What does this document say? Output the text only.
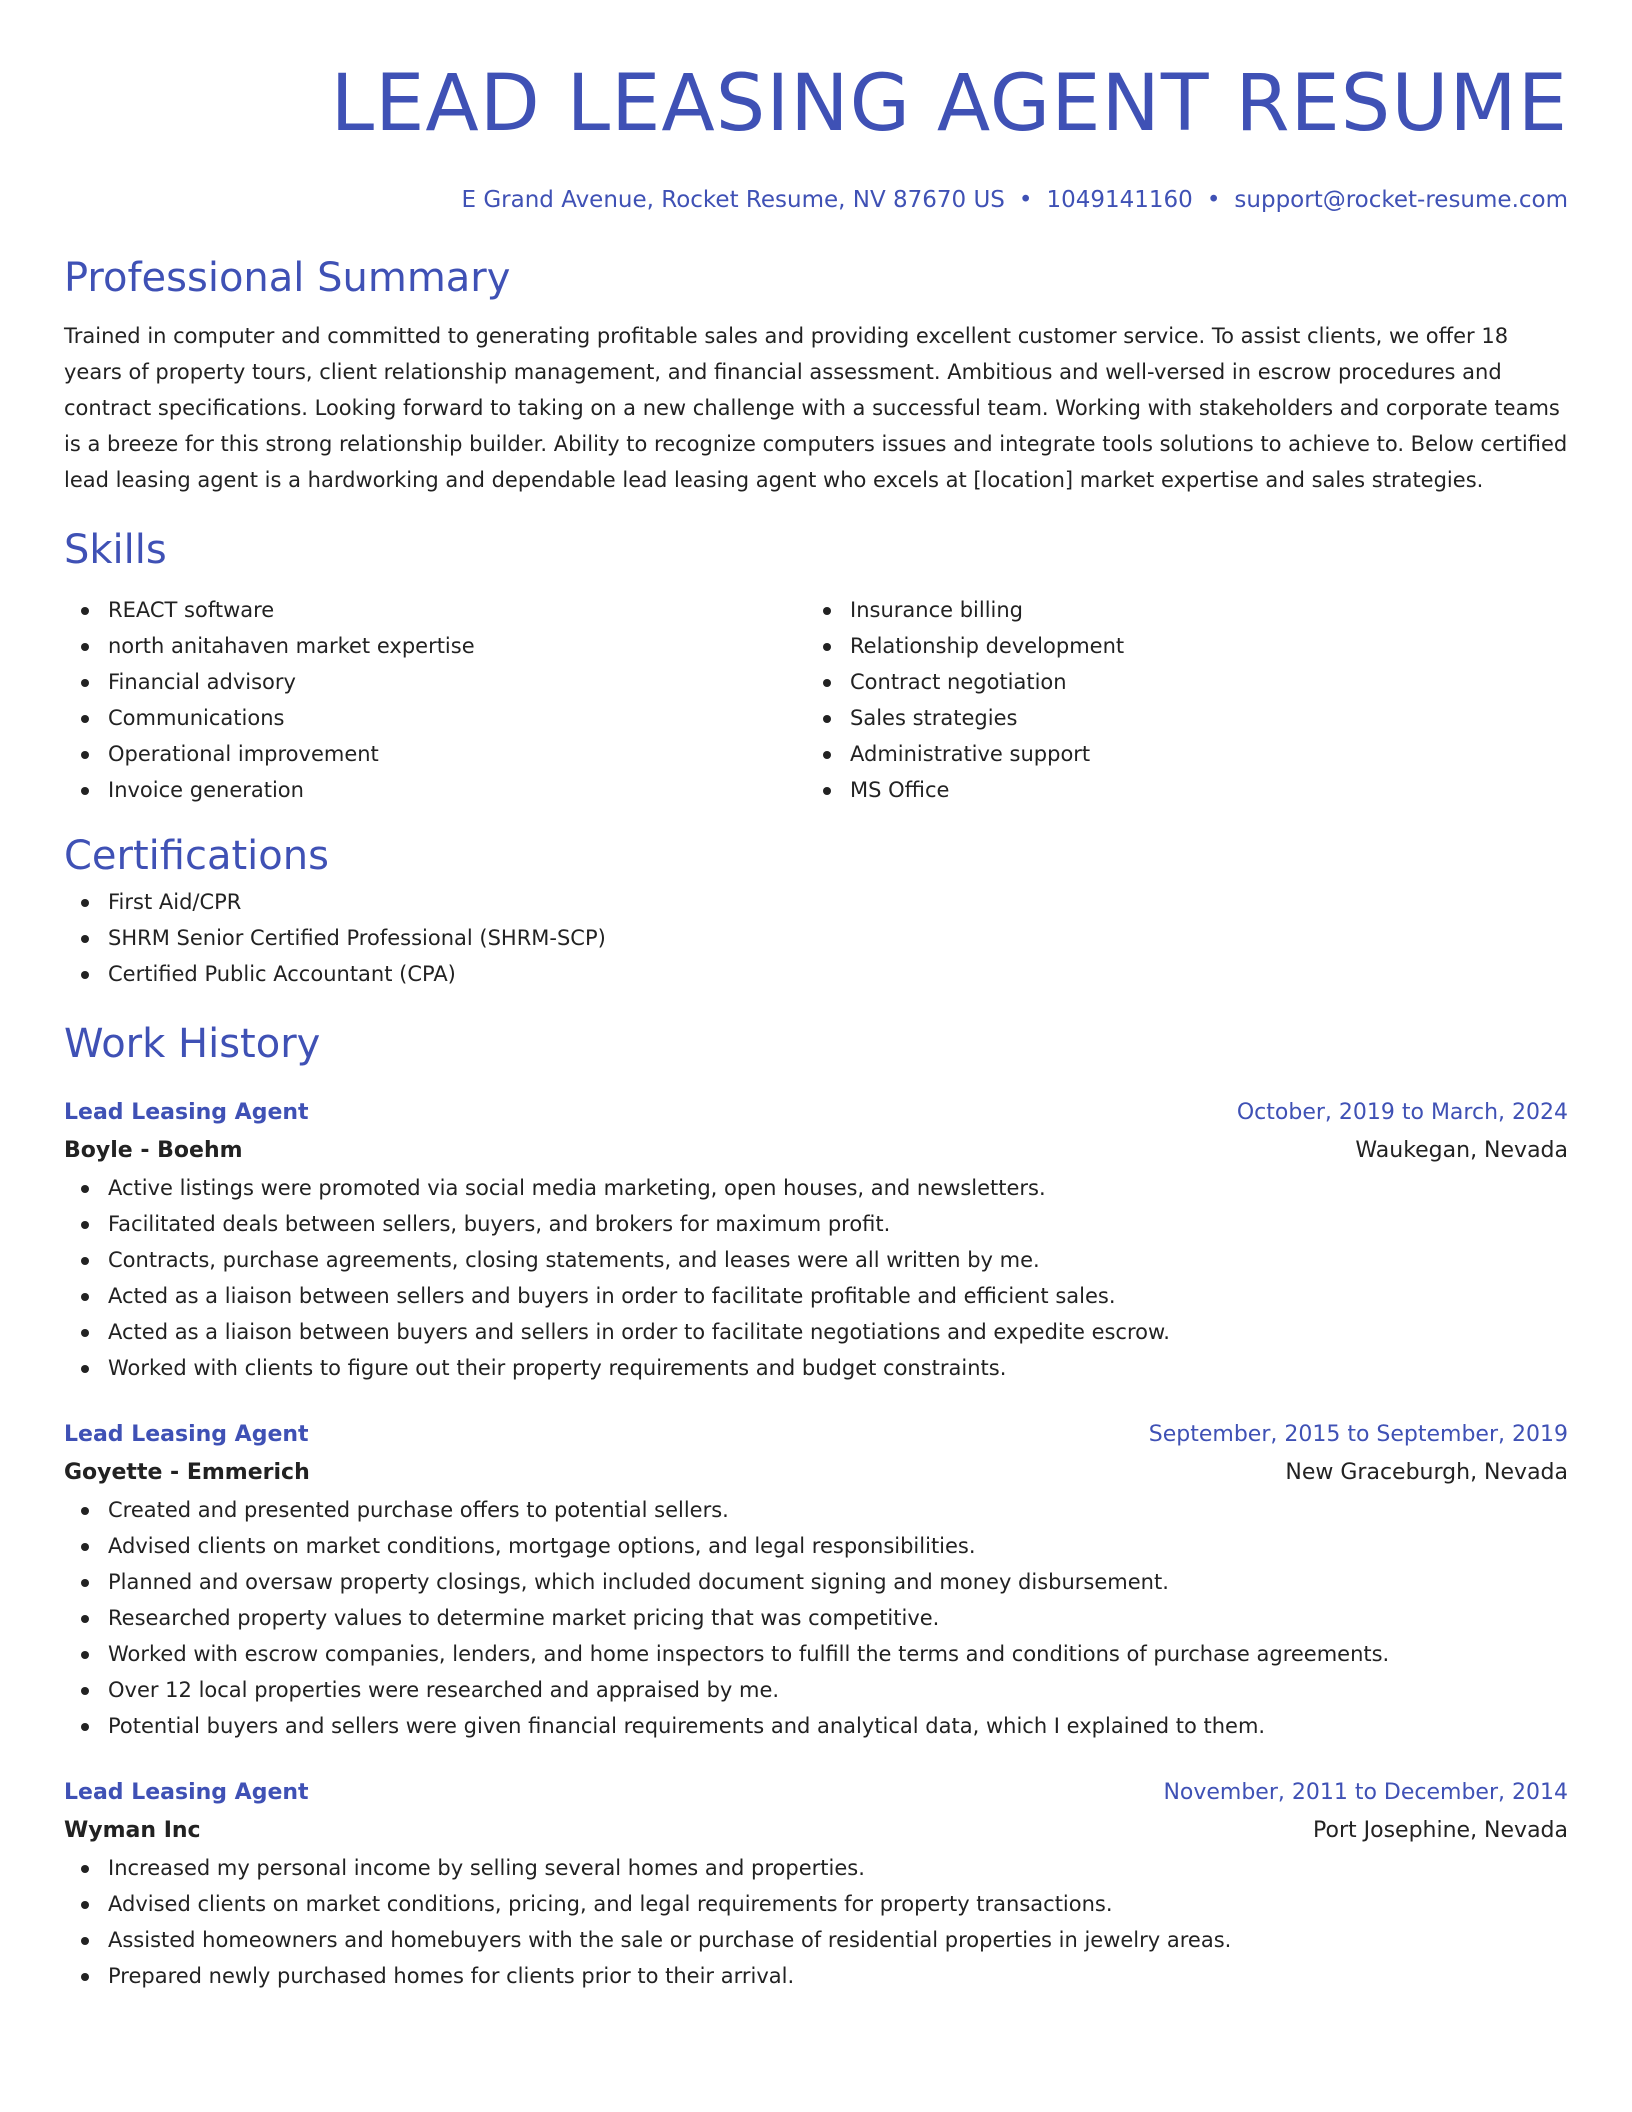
LEAD LEASING AGENT RESUME
E Grand Avenue, Rocket Resume, NV 87670 US • 1049141160 • support@rocket-resume.com
Professional Summary

Trained in computer and committed to generating profitable sales and providing excellent customer service. To assist clients, we offer 18 years of property tours, client relationship management, and financial assessment. Ambitious and well-versed in escrow procedures and contract specifications. Looking forward to taking on a new challenge with a successful team. Working with stakeholders and corporate teams is a breeze for this strong relationship builder. Ability to recognize computers issues and integrate tools solutions to achieve to. Below certified lead leasing agent is a hardworking and dependable lead leasing agent who excels at [location] market expertise and sales strategies.

Skills
REACT software
north anitahaven market expertise
Financial advisory
Communications
Operational improvement
Invoice generation
Insurance billing
Relationship development
Contract negotiation
Sales strategies
Administrative support
MS Office
Certifications
First Aid/CPR
SHRM Senior Certified Professional (SHRM-SCP)
Certified Public Accountant (CPA)
Work History
Lead Leasing Agent	October, 2019 to March, 2024
Boyle - Boehm	Waukegan, Nevada
Active listings were promoted via social media marketing, open houses, and newsletters.
Facilitated deals between sellers, buyers, and brokers for maximum profit.
Contracts, purchase agreements, closing statements, and leases were all written by me.
Acted as a liaison between sellers and buyers in order to facilitate profitable and efficient sales.
Acted as a liaison between buyers and sellers in order to facilitate negotiations and expedite escrow.
Worked with clients to figure out their property requirements and budget constraints.
Lead Leasing Agent	September, 2015 to September, 2019
Goyette - Emmerich	New Graceburgh, Nevada
Created and presented purchase offers to potential sellers.
Advised clients on market conditions, mortgage options, and legal responsibilities.
Planned and oversaw property closings, which included document signing and money disbursement.
Researched property values to determine market pricing that was competitive.
Worked with escrow companies, lenders, and home inspectors to fulfill the terms and conditions of purchase agreements.
Over 12 local properties were researched and appraised by me.
Potential buyers and sellers were given financial requirements and analytical data, which I explained to them.
Lead Leasing Agent	November, 2011 to December, 2014
Wyman Inc	Port Josephine, Nevada
Increased my personal income by selling several homes and properties.
Advised clients on market conditions, pricing, and legal requirements for property transactions.
Assisted homeowners and homebuyers with the sale or purchase of residential properties in jewelry areas.
Prepared newly purchased homes for clients prior to their arrival.
